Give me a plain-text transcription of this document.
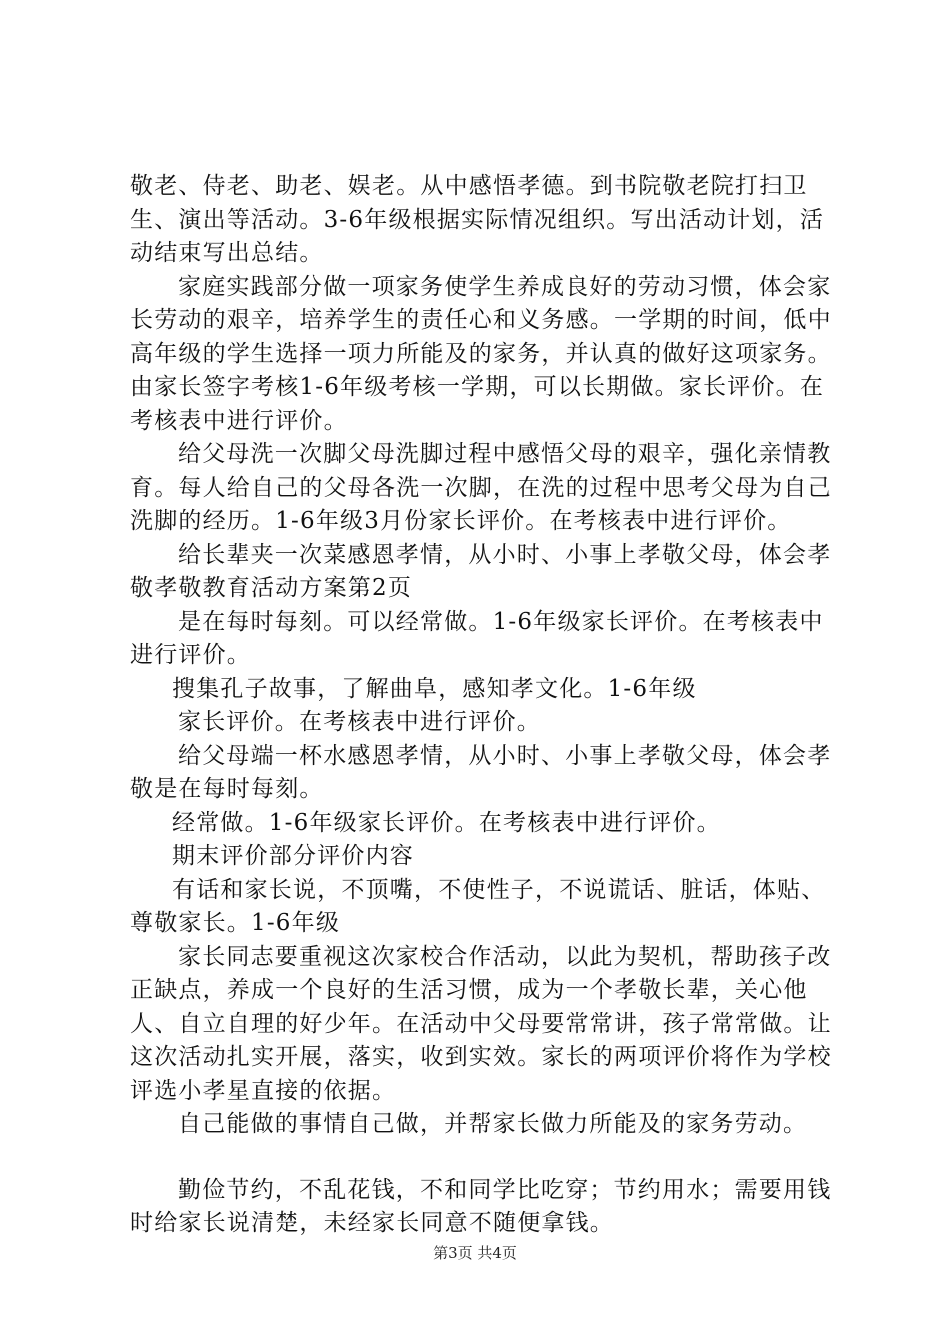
敬老、侍老、助老、娱老。从中感悟孝德。到书院敬老院打扫卫生、演出等活动。3-6年级根据实际情况组织。写出活动计划，活动结束写出总结。

家庭实践部分做一项家务使学生养成良好的劳动习惯，体会家长劳动的艰辛，培养学生的责任心和义务感。一学期的时间，低中高年级的学生选择一项力所能及的家务，并认真的做好这项家务。由家长签字考核1-6年级考核一学期，可以长期做。家长评价。在考核表中进行评价。

给父母洗一次脚父母洗脚过程中感悟父母的艰辛，强化亲情教育。每人给自己的父母各洗一次脚，在洗的过程中思考父母为自己洗脚的经历。1-6年级3月份家长评价。在考核表中进行评价。

给长辈夹一次菜感恩孝情，从小时、小事上孝敬父母，体会孝敬孝敬教育活动方案第2页

是在每时每刻。可以经常做。1-6年级家长评价。在考核表中进行评价。

搜集孔子故事，了解曲阜，感知孝文化。1-6年级

家长评价。在考核表中进行评价。

给父母端一杯水感恩孝情，从小时、小事上孝敬父母，体会孝敬是在每时每刻。

经常做。1-6年级家长评价。在考核表中进行评价。

期末评价部分评价内容

有话和家长说，不顶嘴，不使性子，不说谎话、脏话，体贴、尊敬家长。1-6年级

家长同志要重视这次家校合作活动，以此为契机，帮助孩子改正缺点，养成一个良好的生活习惯，成为一个孝敬长辈，关心他人、自立自理的好少年。在活动中父母要常常讲，孩子常常做。让这次活动扎实开展，落实，收到实效。家长的两项评价将作为学校评选小孝星直接的依据。

自己能做的事情自己做，并帮家长做力所能及的家务劳动。

勤俭节约，不乱花钱，不和同学比吃穿；节约用水；需要用钱时给家长说清楚，未经家长同意不随便拿钱。

第3页 共4页
